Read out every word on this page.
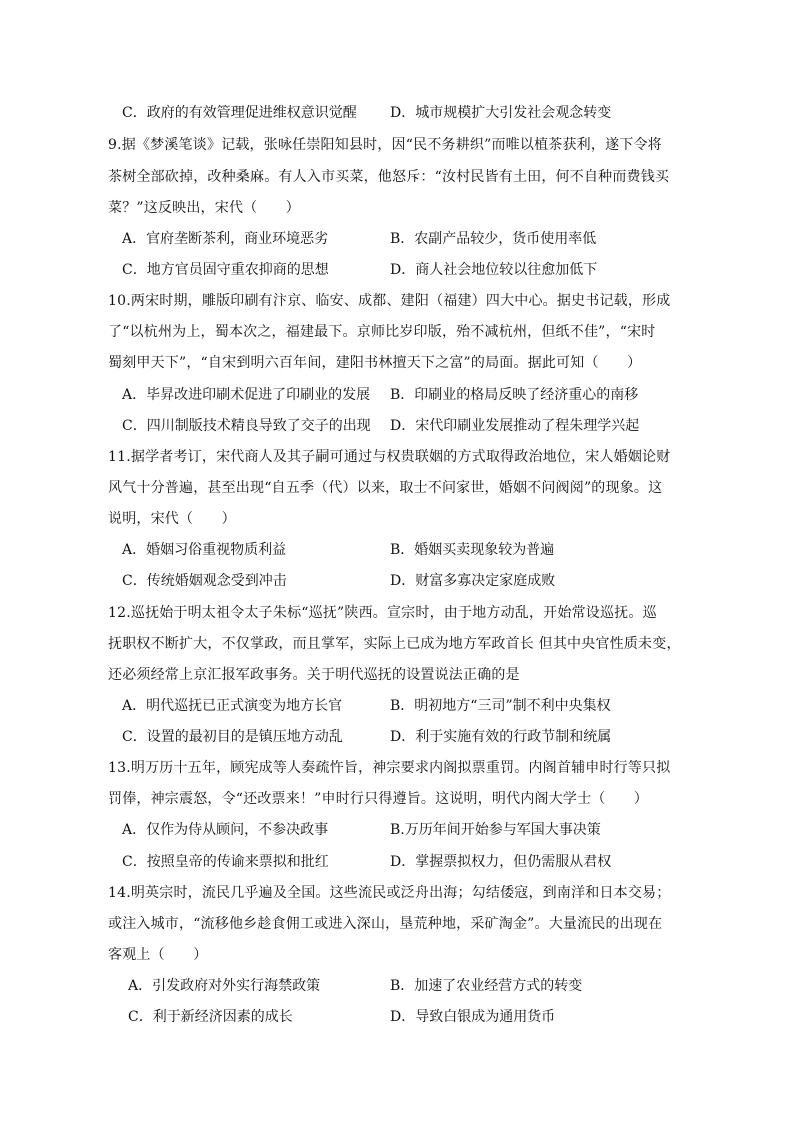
C．政府的有效管理促进维权意识觉醒 D．城市规模扩大引发社会观念转变
9.据《梦溪笔谈》记载，张咏任崇阳知县时，因“民不务耕织”而唯以植茶获利，遂下令将
茶树全部砍掉，改种桑麻。有人入市买菜，他怒斥：“汝村民皆有土田，何不自种而费钱买
菜？”这反映出，宋代（　　）
A．官府垄断茶利，商业环境恶劣	B．农副产品较少，货币使用率低
C．地方官员固守重农抑商的思想	D．商人社会地位较以往愈加低下
10.两宋时期，雕版印刷有汴京、临安、成都、建阳（福建）四大中心。据史书记载，形成
了“以杭州为上，蜀本次之，福建最下。京师比岁印版，殆不减杭州，但纸不佳”，“宋时
蜀刻甲天下”，“自宋到明六百年间，建阳书林擅天下之富”的局面。据此可知（　　）
A．毕昇改进印刷术促进了印刷业的发展 B．印刷业的格局反映了经济重心的南移
C．四川制版技术精良导致了交子的出现 D．宋代印刷业发展推动了程朱理学兴起
11.据学者考订，宋代商人及其子嗣可通过与权贵联姻的方式取得政治地位，宋人婚姻论财
风气十分普遍，甚至出现“自五季（代）以来，取士不问家世，婚姻不问阀阅”的现象。这
说明，宋代（　　）
A．婚姻习俗重视物质利益	B．婚姻买卖现象较为普遍
C．传统婚姻观念受到冲击	D．财富多寡决定家庭成败
12.巡抚始于明太祖令太子朱标“巡抚”陕西。宣宗时，由于地方动乱，开始常设巡抚。巡
抚职权不断扩大，不仅掌政，而且掌军，实际上已成为地方军政首长 但其中央官性质未变，
还必须经常上京汇报军政事务。关于明代巡抚的设置说法正确的是
A．明代巡抚已正式演变为地方长官	B．明初地方“三司”制不利中央集权
C．设置的最初目的是镇压地方动乱	D．利于实施有效的行政节制和统属
13.明万历十五年，顾宪成等人奏疏忤旨，神宗要求内阁拟票重罚。内阁首辅申时行等只拟
罚俸，神宗震怒，令“还改票来！”申时行只得遵旨。这说明，明代内阁大学士（　　）
A．仅作为侍从顾问，不参决政事	B.万历年间开始参与军国大事决策
C．按照皇帝的传谕来票拟和批红	D．掌握票拟权力，但仍需服从君权
14.明英宗时，流民几乎遍及全国。这些流民或泛舟出海；勾结倭寇，到南洋和日本交易；
或注入城市，“流移他乡趁食佣工或进入深山，垦荒种地，采矿淘金”。大量流民的出现在
客观上（　　）
A．引发政府对外实行海禁政策	B．加速了农业经营方式的转变
C．利于新经济因素的成长	D．导致白银成为通用货币
